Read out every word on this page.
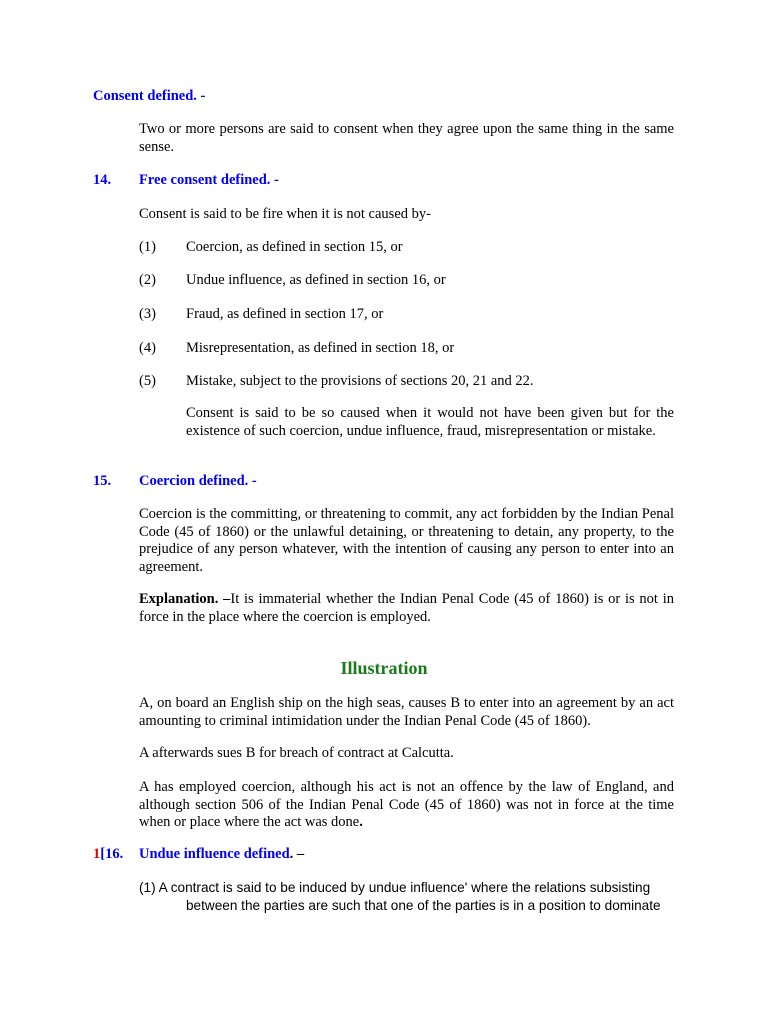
Consent defined. -
Two or more persons are said to consent when they agree upon the same thing in the same sense.
14. Free consent defined. -
Consent is said to be fire when it is not caused by-
(1) Coercion, as defined in section 15, or
(2) Undue influence, as defined in section 16, or
(3) Fraud, as defined in section 17, or
(4) Misrepresentation, as defined in section 18, or
(5) Mistake, subject to the provisions of sections 20, 21 and 22.
Consent is said to be so caused when it would not have been given but for the existence of such coercion, undue influence, fraud, misrepresentation or mistake.
15. Coercion defined. -
Coercion is the committing, or threatening to commit, any act forbidden by the Indian Penal Code (45 of 1860) or the unlawful detaining, or threatening to detain, any property, to the prejudice of any person whatever, with the intention of causing any person to enter into an agreement.
Explanation. –It is immaterial whether the Indian Penal Code (45 of 1860) is or is not in force in the place where the coercion is employed.
Illustration
A, on board an English ship on the high seas, causes B to enter into an agreement by an act amounting to criminal intimidation under the Indian Penal Code (45 of 1860).
A afterwards sues B for breach of contract at Calcutta.
A has employed coercion, although his act is not an offence by the law of England, and although section 506 of the Indian Penal Code (45 of 1860) was not in force at the time when or place where the act was done.
1[16. Undue influence defined. –
(1) A contract is said to be induced by undue influence' where the relations subsisting
between the parties are such that one of the parties is in a position to dominate
